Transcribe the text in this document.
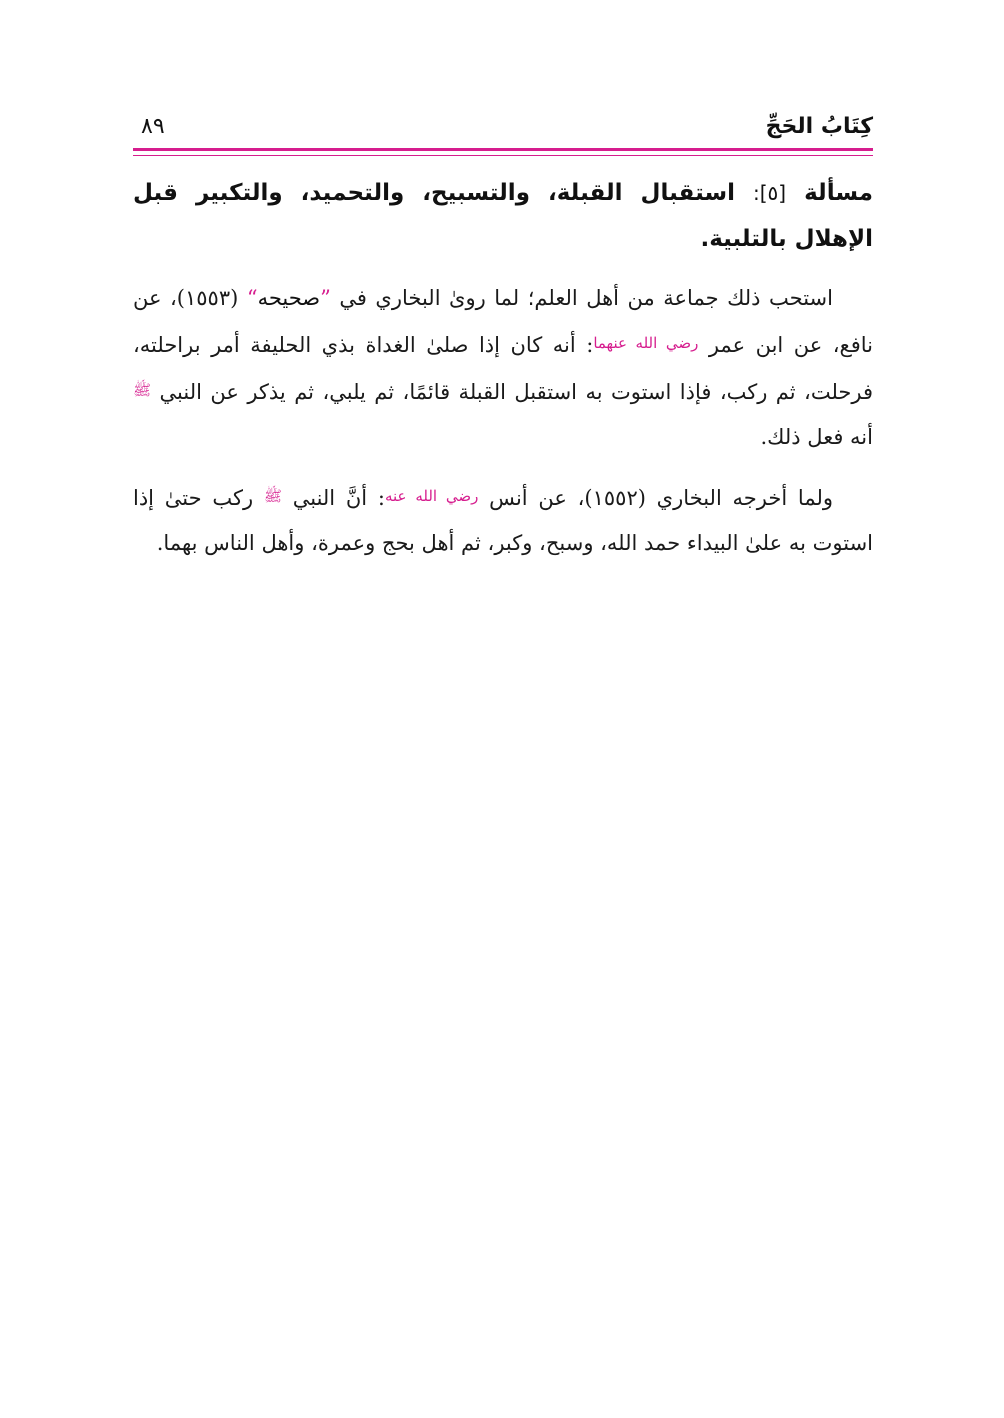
كِتَابُ الحَجِّ
٨٩

مسألة [٥]: استقبال القبلة، والتسبيح، والتحميد، والتكبير قبل الإهلال بالتلبية.

استحب ذلك جماعة من أهل العلم؛ لما روىٰ البخاري في ”صحيحه“ (١٥٥٣)، عن نافع، عن ابن عمر رضي الله عنهما: أنه كان إذا صلىٰ الغداة بذي الحليفة أمر براحلته، فرحلت، ثم ركب، فإذا استوت به استقبل القبلة قائمًا، ثم يلبي، ثم يذكر عن النبي ﷺ أنه فعل ذلك.

ولما أخرجه البخاري (١٥٥٢)، عن أنس رضي الله عنه: أنَّ النبي ﷺ ركب حتىٰ إذا استوت به علىٰ البيداء حمد الله، وسبح، وكبر، ثم أهل بحج وعمرة، وأهل الناس بهما.
